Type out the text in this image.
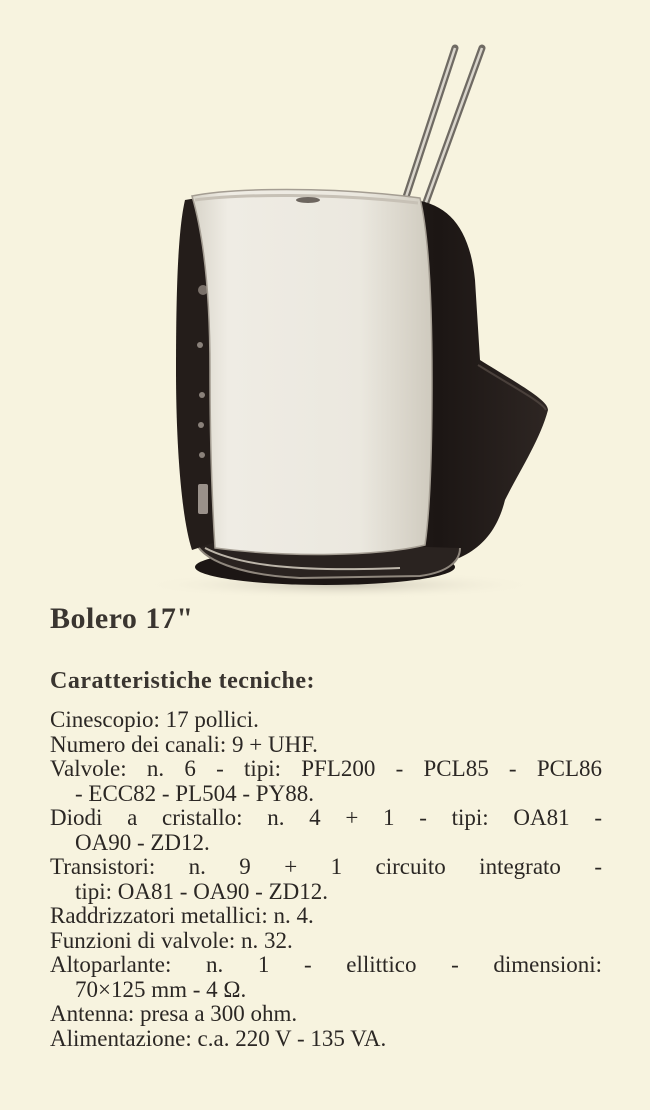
Bolero 17"
Caratteristiche tecniche:
Cinescopio: 17 pollici.
Numero dei canali: 9 + UHF.
Valvole: n. 6 - tipi: PFL200 - PCL85 - PCL86
- ECC82 - PL504 - PY88.
Diodi a cristallo: n. 4 + 1 - tipi: OA81 -
OA90 - ZD12.
Transistori: n. 9 + 1 circuito integrato -
tipi: OA81 - OA90 - ZD12.
Raddrizzatori metallici: n. 4.
Funzioni di valvole: n. 32.
Altoparlante: n. 1 - ellittico - dimensioni:
70×125 mm - 4 Ω.
Antenna: presa a 300 ohm.
Alimentazione: c.a. 220 V - 135 VA.
